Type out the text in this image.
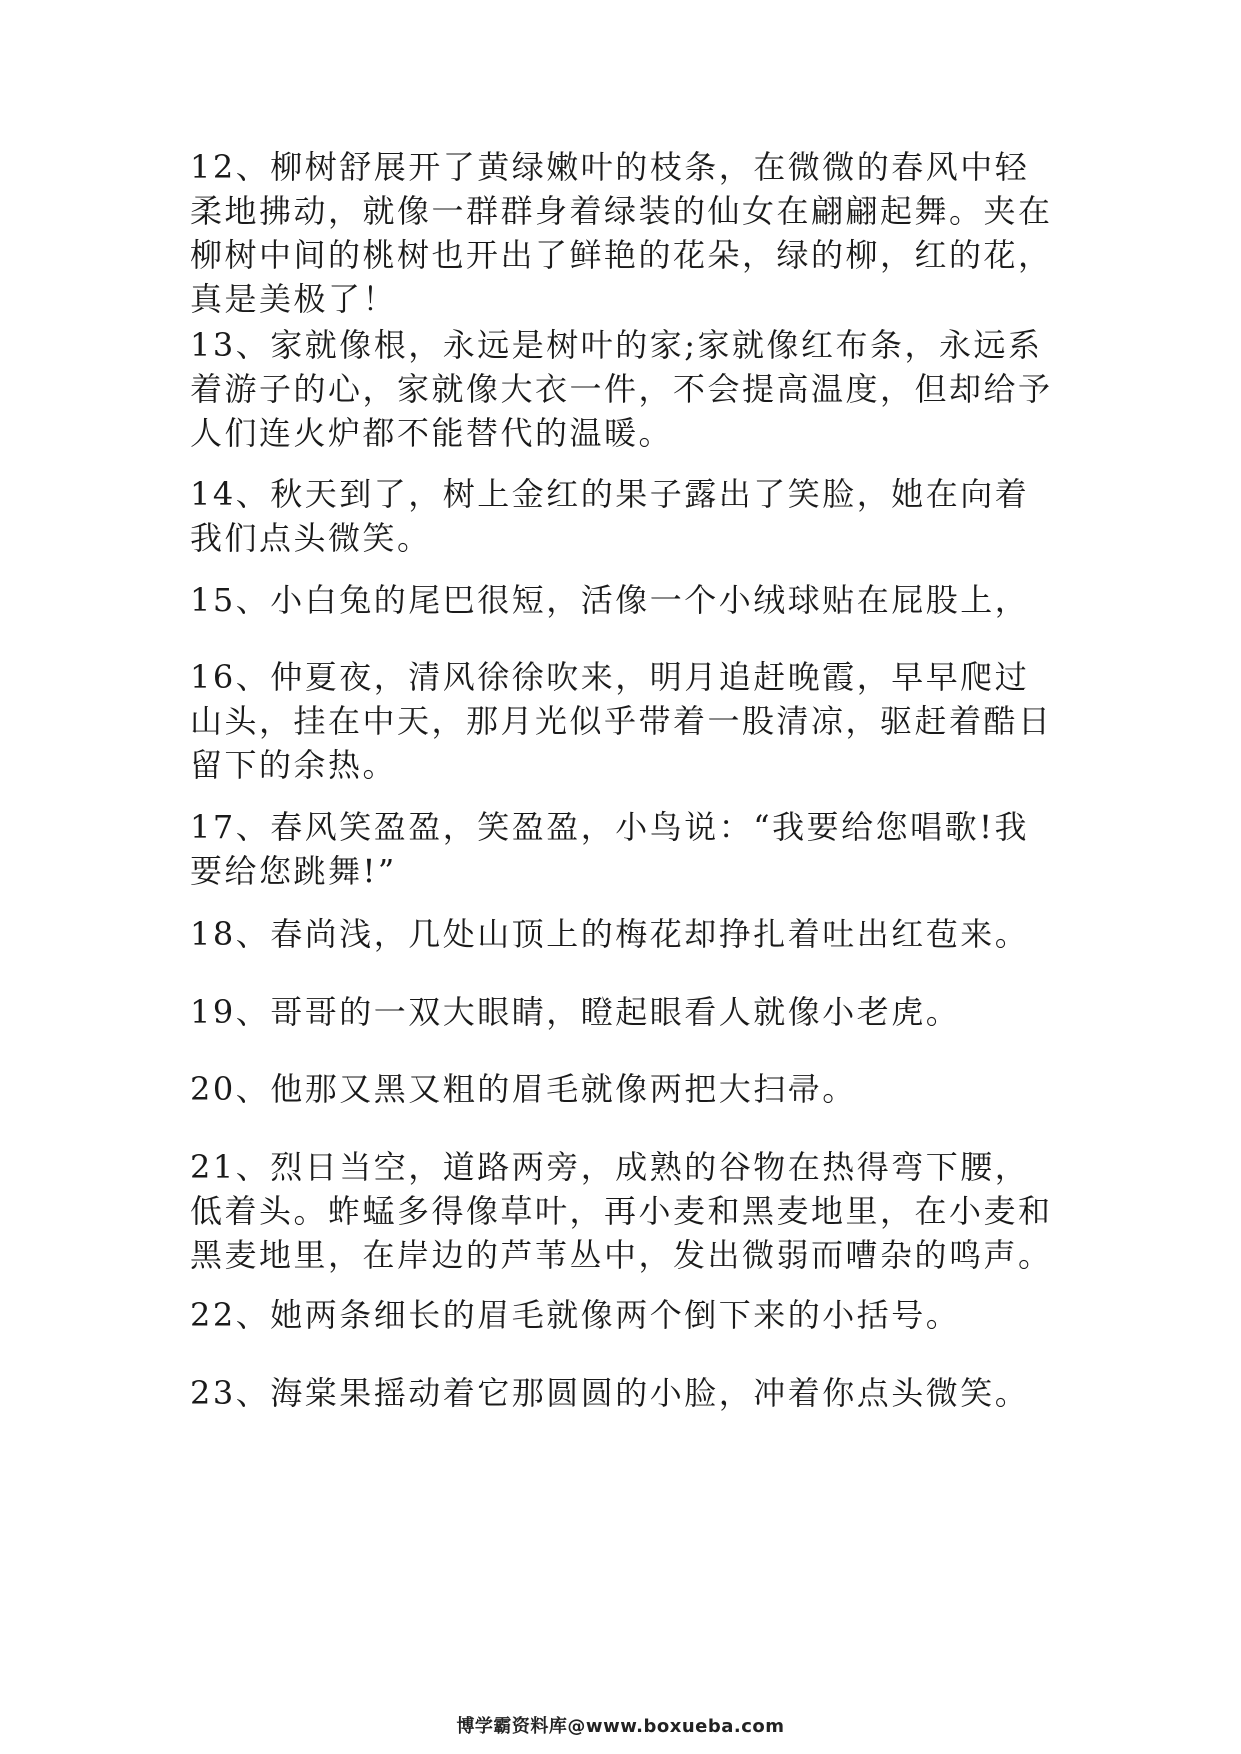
12、柳树舒展开了黄绿嫩叶的枝条，在微微的春风中轻柔地拂动，就像一群群身着绿装的仙女在翩翩起舞。夹在柳树中间的桃树也开出了鲜艳的花朵，绿的柳，红的花，真是美极了！

13、家就像根，永远是树叶的家;家就像红布条，永远系着游子的心，家就像大衣一件，不会提高温度，但却给予人们连火炉都不能替代的温暖。

14、秋天到了，树上金红的果子露出了笑脸，她在向着我们点头微笑。

15、小白兔的尾巴很短，活像一个小绒球贴在屁股上，

16、仲夏夜，清风徐徐吹来，明月追赶晚霞，早早爬过山头，挂在中天，那月光似乎带着一股清凉，驱赶着酷日留下的余热。

17、春风笑盈盈，笑盈盈，小鸟说：“我要给您唱歌!我要给您跳舞!”

18、春尚浅，几处山顶上的梅花却挣扎着吐出红苞来。

19、哥哥的一双大眼睛，瞪起眼看人就像小老虎。

20、他那又黑又粗的眉毛就像两把大扫帚。

21、烈日当空，道路两旁，成熟的谷物在热得弯下腰，低着头。蚱蜢多得像草叶，再小麦和黑麦地里，在小麦和黑麦地里，在岸边的芦苇丛中，发出微弱而嘈杂的鸣声。

22、她两条细长的眉毛就像两个倒下来的小括号。

23、海棠果摇动着它那圆圆的小脸，冲着你点头微笑。

博学霸资料库@www.boxueba.com
